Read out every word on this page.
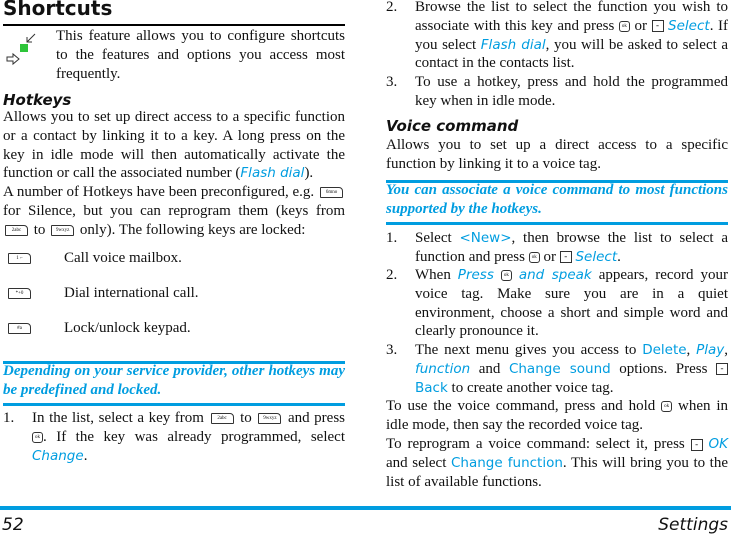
Shortcuts
This feature allows you to configure shortcuts to the features and options you access most frequently.
Hotkeys
Allows you to set up direct access to a specific function or a contact by linking it to a key. A long press on the key in idle mode will then automatically activate the function or call the associated number (Flash dial).
A number of Hotkeys have been preconfigured, e.g. 6mno for Silence, but you can reprogram them (keys from 2abc to 9wxyz only). The following keys are locked:
1 ⌐	Call voice mailbox.
*+0	Dial international call.
#a	Lock/unlock keypad.
Depending on your service provider, other hotkeys may be predefined and locked.
1.	In the list, select a key from	2abc to 9wxyz and press ok . If the key was already programmed, select Change.
2.	Browse the list to select the function you wish to associate with this key and press ok or - Select. If you select Flash dial, you will be asked to select a contact in the contacts list.
3.	To use a hotkey, press and hold the programmed key when in idle mode.
Voice command
Allows you to set up a direct access to a specific function by linking it to a voice tag.
You can associate a voice command to most functions supported by the hotkeys.
1.	Select <New>, then browse the list to select a function and press ok or - Select.
2.	When Press ok and speak appears, record your voice tag. Make sure you are in a quiet environment, choose a short and simple word and clearly pronounce it.
3.	The next menu gives you access to Delete, Play, function and Change sound options. Press - Back to create another voice tag.
To use the voice command, press and hold ok when in idle mode, then say the recorded voice tag.
To reprogram a voice command: select it, press - OK and select Change function. This will bring you to the list of available functions.
52	Settings
